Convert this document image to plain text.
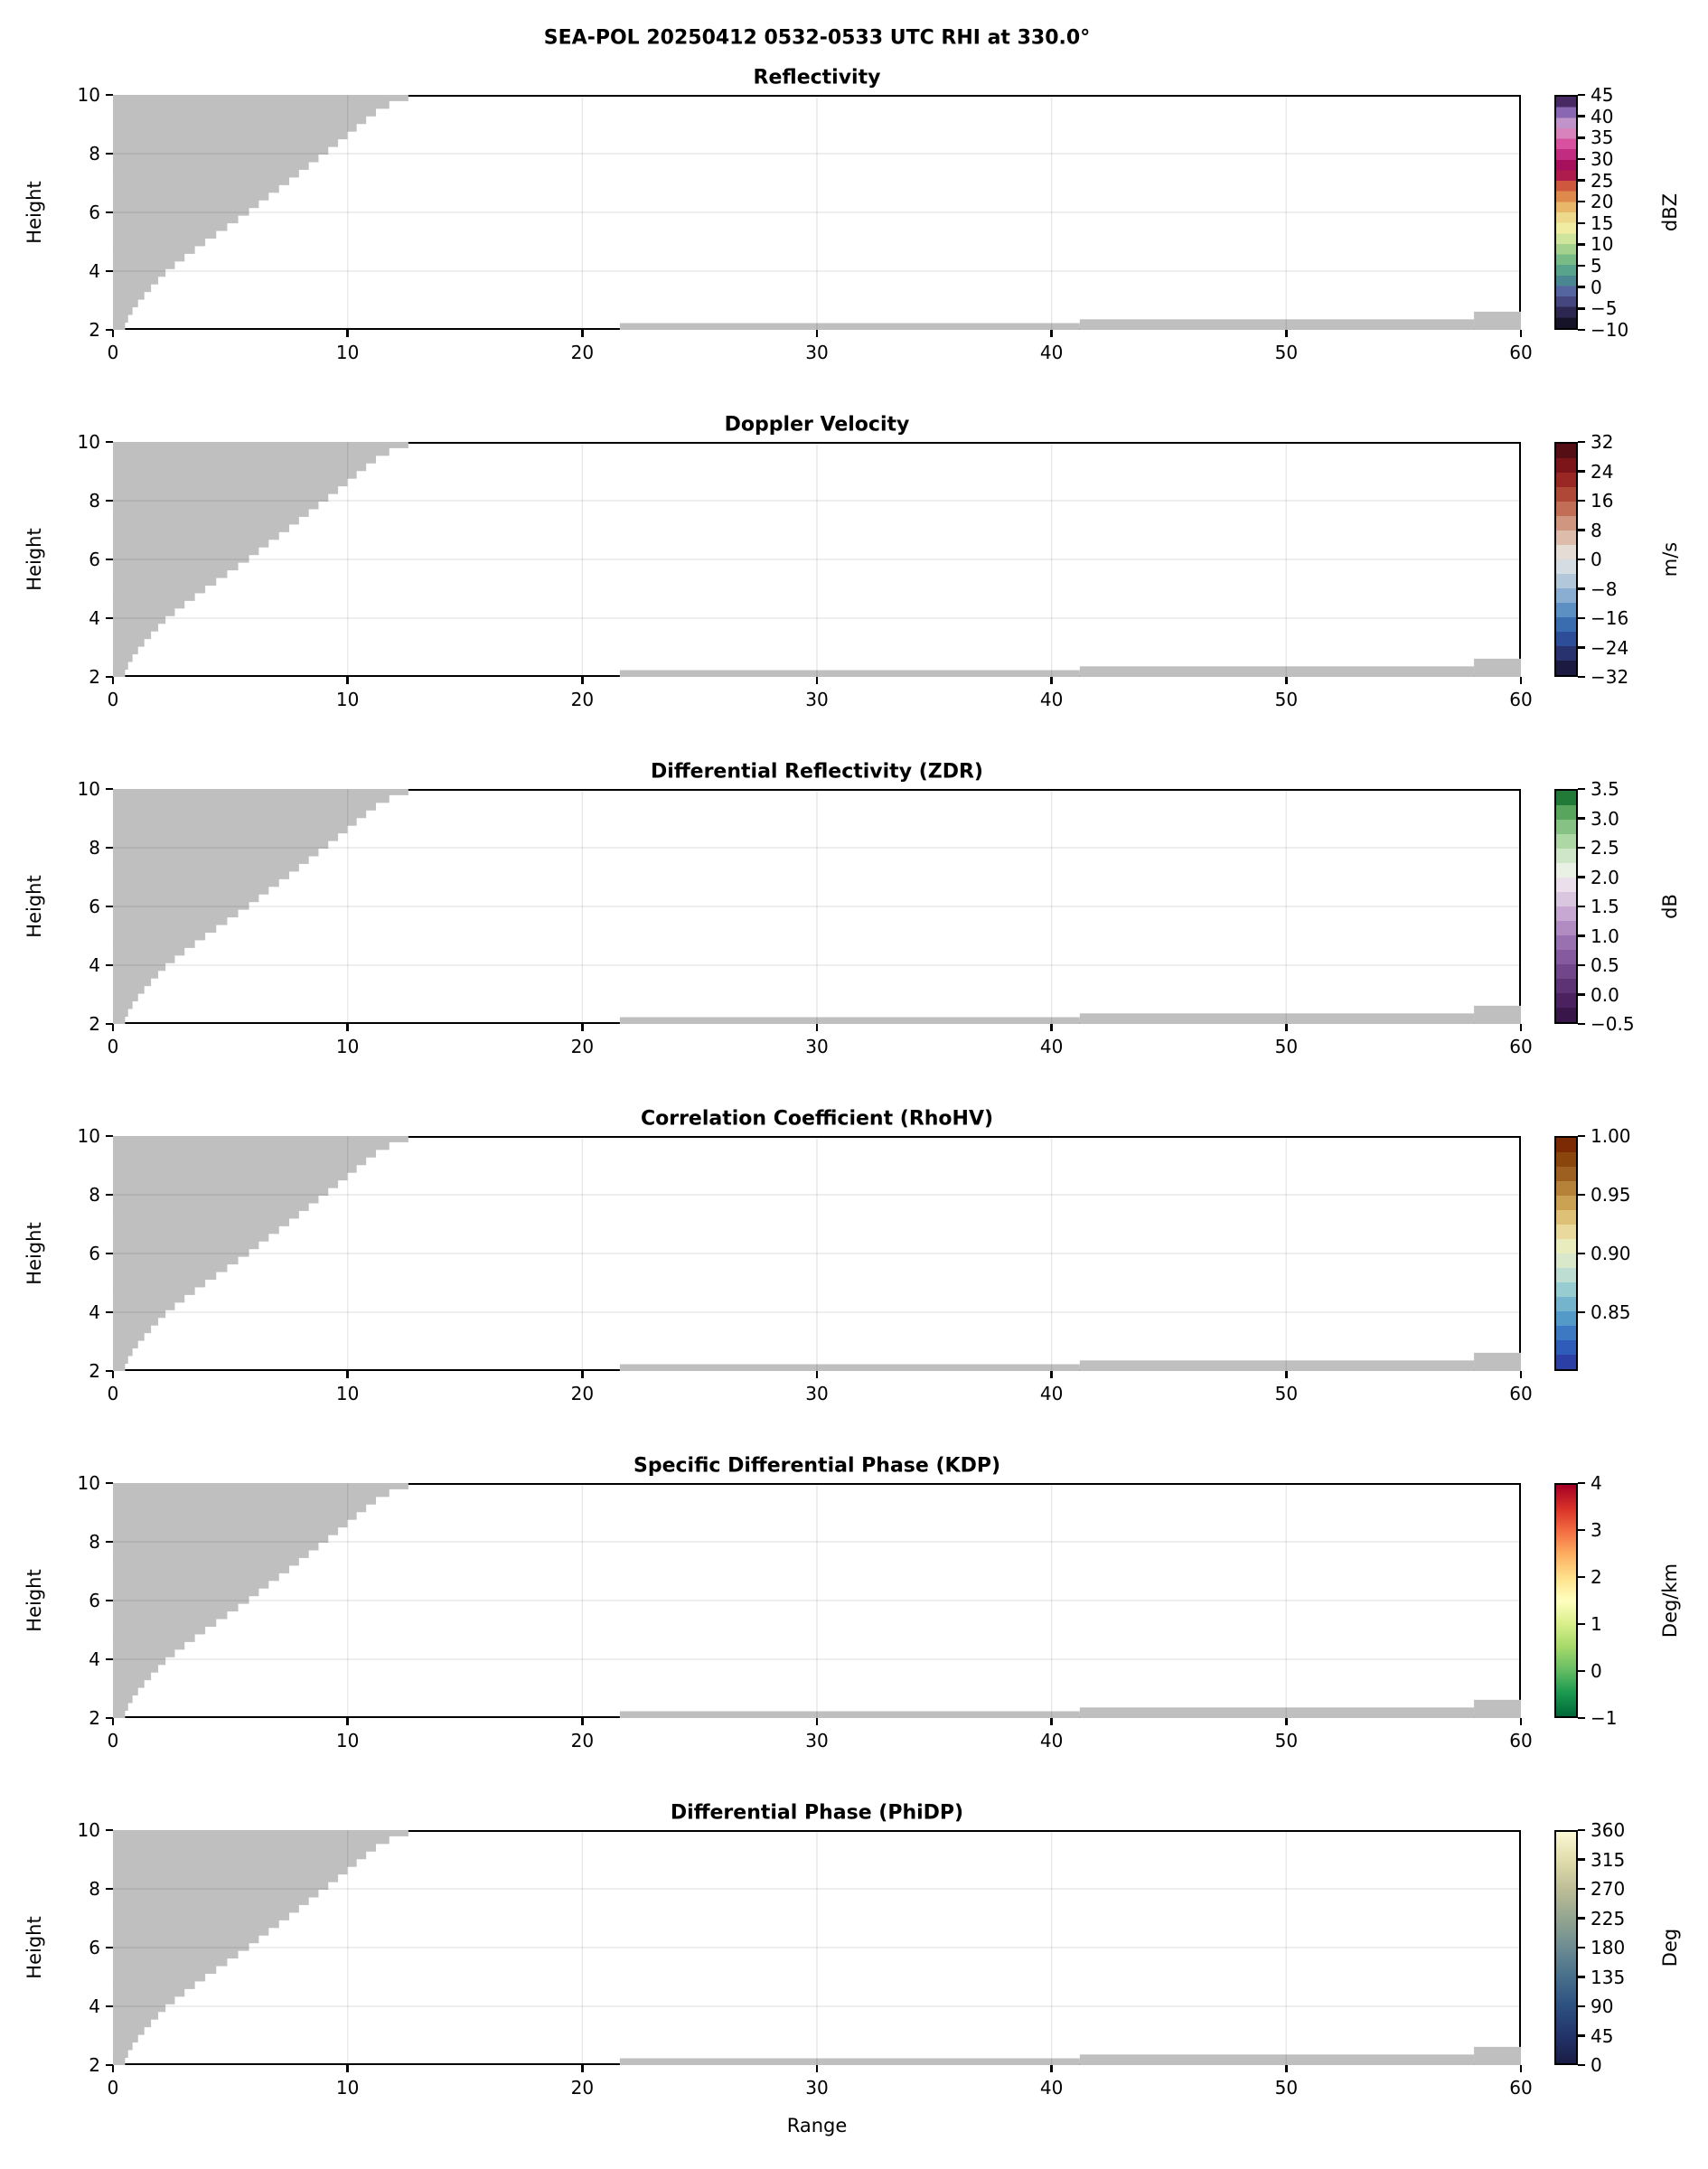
SEA-POL 20250412 0532-0533 UTC RHI at 330.0°
Reflectivity
0	10	20	30	40	50	60
2
4
6
8
10
Height
45
40
35
30
25
20
15
10
5
0
−5
−10
dBZ
Doppler Velocity
0	10	20	30	40	50	60
2
4
6
8
10
Height
32
24
16
8
0
−8
−16
−24
−32
m/s
Differential Reflectivity (ZDR)
0	10	20	30	40	50	60
2
4
6
8
10
Height
3.5
3.0
2.5
2.0
1.5
1.0
0.5
0.0
−0.5
dB
Correlation Coefficient (RhoHV)
0	10	20	30	40	50	60
2
4
6
8
10
Height
1.00
0.95
0.90
0.85
Specific Differential Phase (KDP)
0	10	20	30	40	50	60
2
4
6
8
10
Height
4
3
2
1
0
−1
Deg/km
Differential Phase (PhiDP)
0	10	20	30	40	50	60
2
4
6
8
10
Height
360
315
270
225
180
135
90
45
0
Deg
Range
